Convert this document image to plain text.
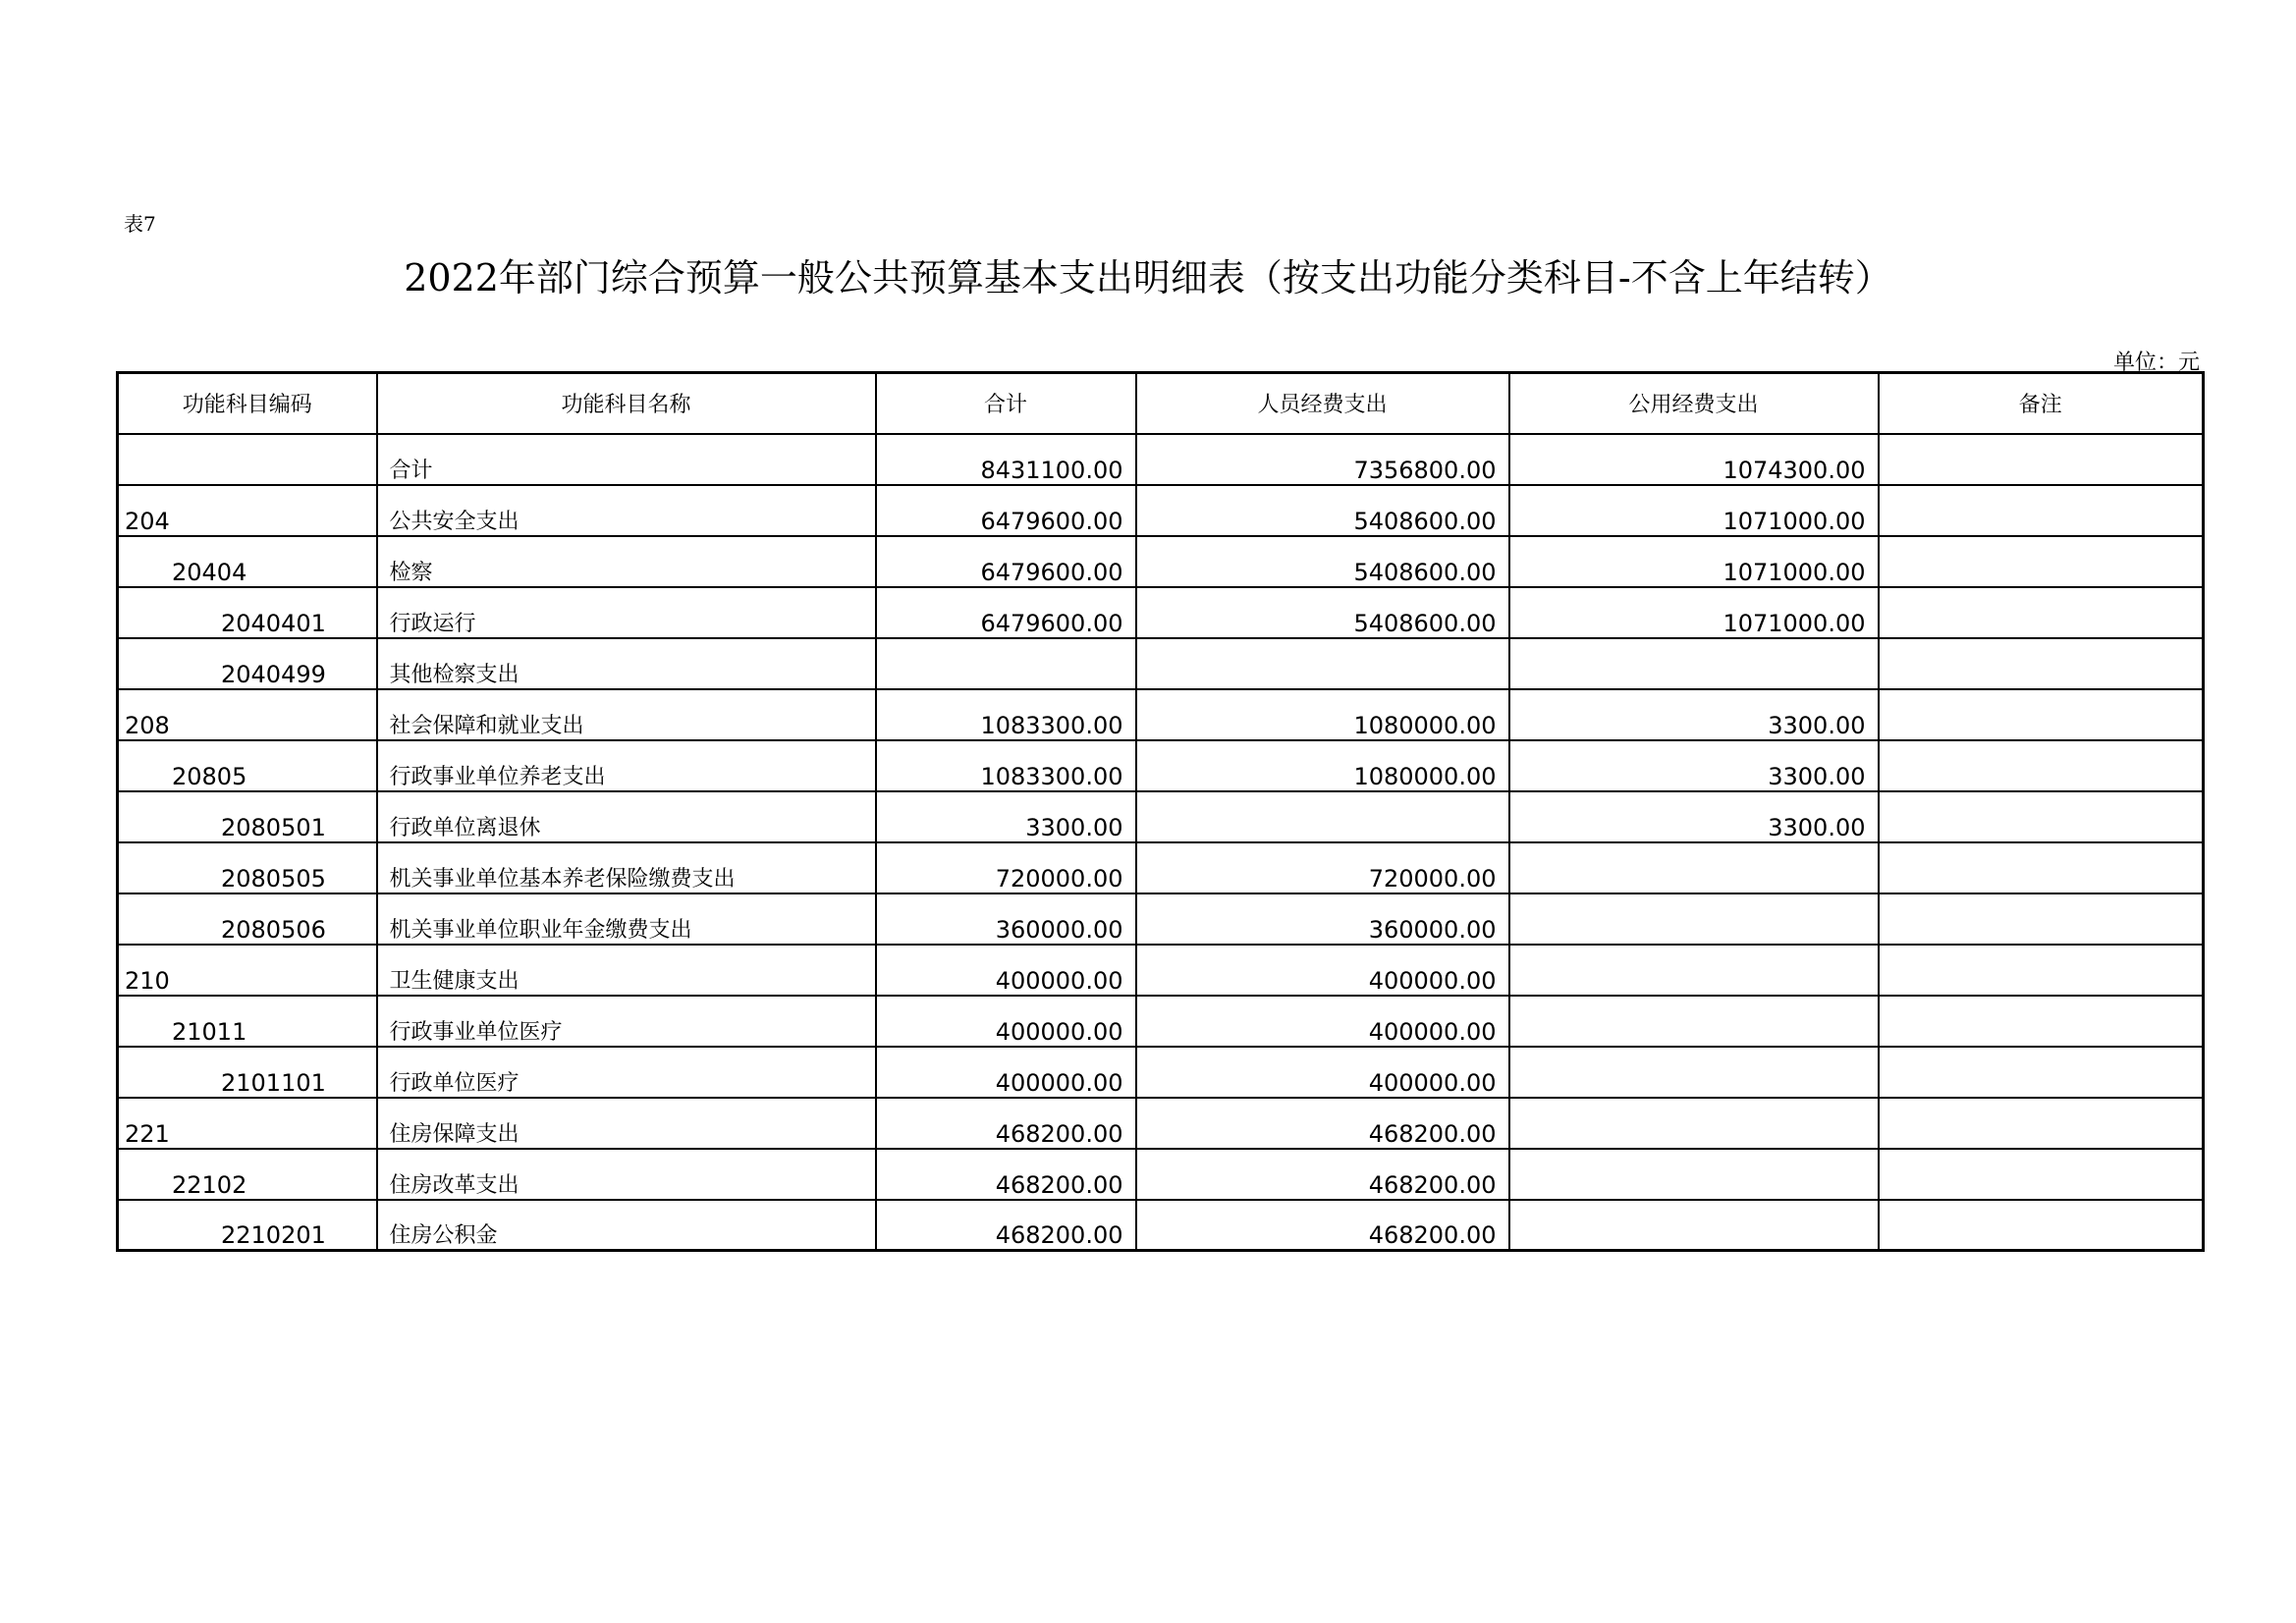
表7
2022年部门综合预算一般公共预算基本支出明细表（按支出功能分类科目-不含上年结转）
单位：元
功能科目编码	功能科目名称	合计	人员经费支出	公用经费支出	备注
	合计	8431100.00	7356800.00	1074300.00	
204	公共安全支出	6479600.00	5408600.00	1071000.00	
20404	检察	6479600.00	5408600.00	1071000.00	
2040401	行政运行	6479600.00	5408600.00	1071000.00	
2040499	其他检察支出				
208	社会保障和就业支出	1083300.00	1080000.00	3300.00	
20805	行政事业单位养老支出	1083300.00	1080000.00	3300.00	
2080501	行政单位离退休	3300.00		3300.00	
2080505	机关事业单位基本养老保险缴费支出	720000.00	720000.00		
2080506	机关事业单位职业年金缴费支出	360000.00	360000.00		
210	卫生健康支出	400000.00	400000.00		
21011	行政事业单位医疗	400000.00	400000.00		
2101101	行政单位医疗	400000.00	400000.00		
221	住房保障支出	468200.00	468200.00		
22102	住房改革支出	468200.00	468200.00		
2210201	住房公积金	468200.00	468200.00		
